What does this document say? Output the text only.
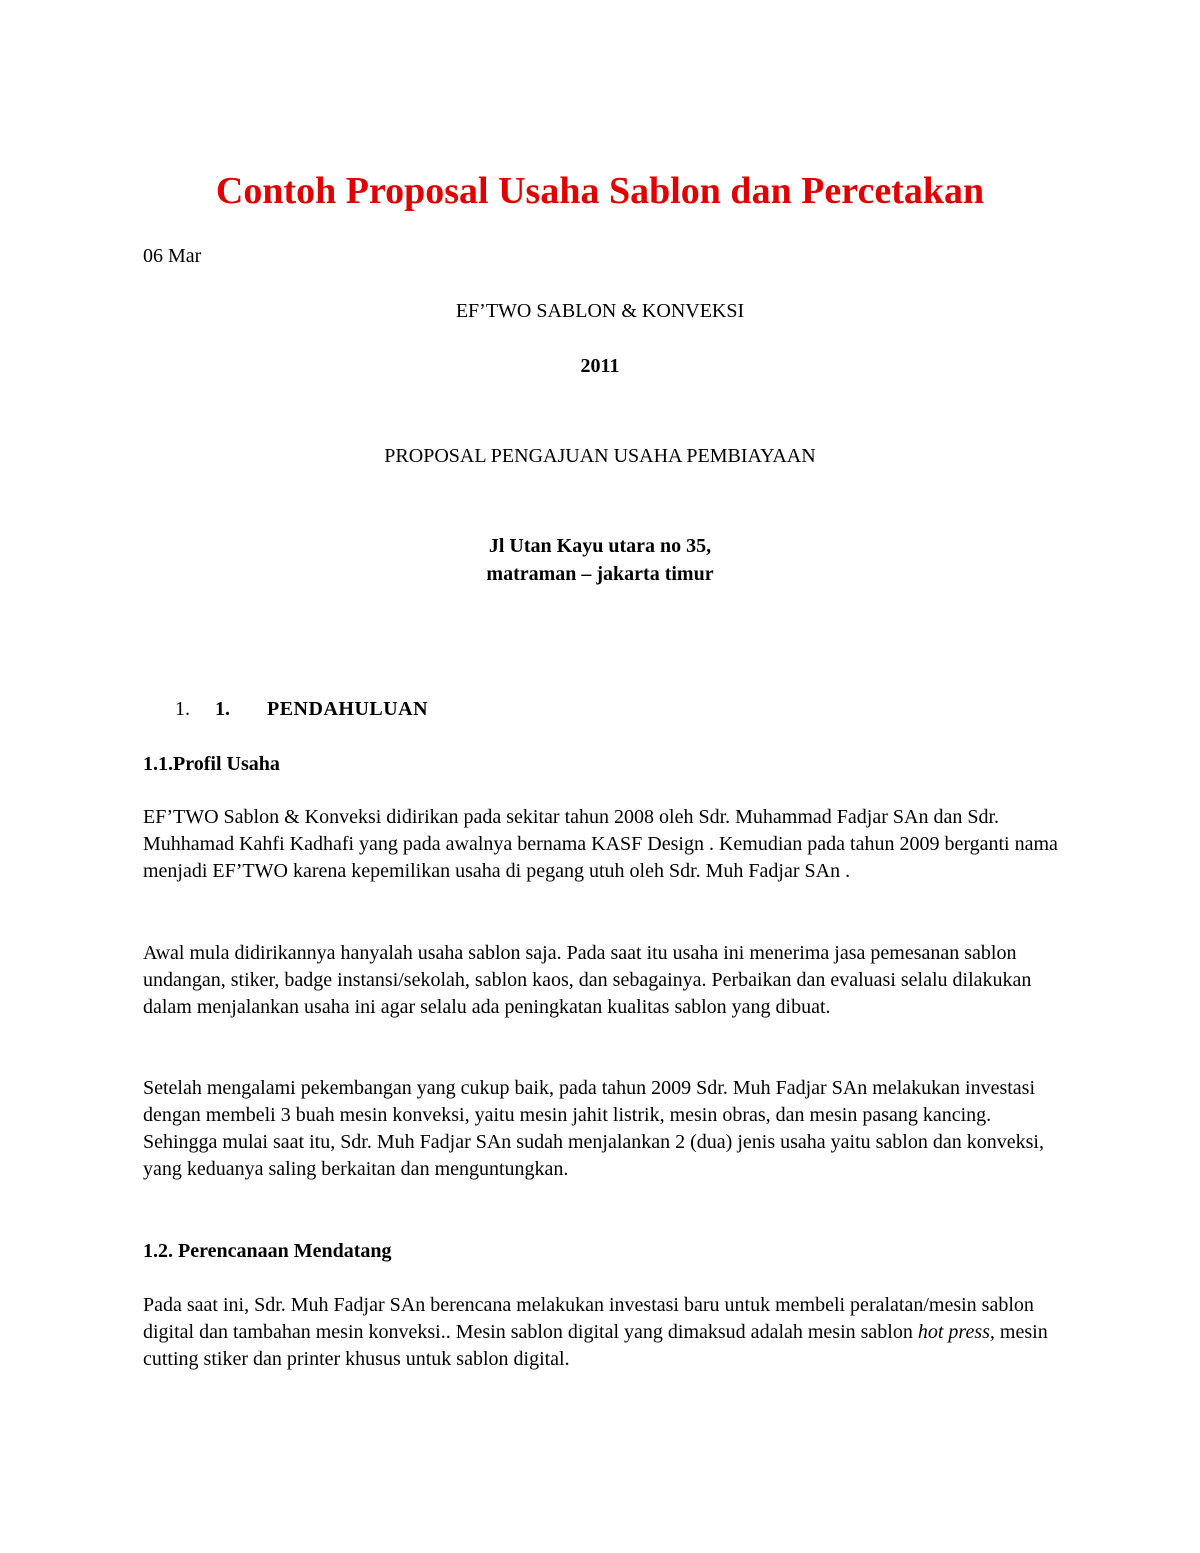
Contoh Proposal Usaha Sablon dan Percetakan
06 Mar
EF’TWO SABLON & KONVEKSI
2011
PROPOSAL PENGAJUAN USAHA PEMBIAYAAN
Jl Utan Kayu utara no 35,
matraman – jakarta timur
1. 1. PENDAHULUAN
1.1.Profil Usaha

EF’TWO Sablon & Konveksi didirikan pada sekitar tahun 2008 oleh Sdr. Muhammad Fadjar SAn dan Sdr. Muhhamad Kahfi Kadhafi yang pada awalnya bernama KASF Design . Kemudian pada tahun 2009 berganti nama menjadi EF’TWO karena kepemilikan usaha di pegang utuh oleh Sdr. Muh Fadjar SAn .

Awal mula didirikannya hanyalah usaha sablon saja. Pada saat itu usaha ini menerima jasa pemesanan sablon undangan, stiker, badge instansi/sekolah, sablon kaos, dan sebagainya. Perbaikan dan evaluasi selalu dilakukan dalam menjalankan usaha ini agar selalu ada peningkatan kualitas sablon yang dibuat.

Setelah mengalami pekembangan yang cukup baik, pada tahun 2009 Sdr. Muh Fadjar SAn melakukan investasi dengan membeli 3 buah mesin konveksi, yaitu mesin jahit listrik, mesin obras, dan mesin pasang kancing. Sehingga mulai saat itu, Sdr. Muh Fadjar SAn sudah menjalankan 2 (dua) jenis usaha yaitu sablon dan konveksi, yang keduanya saling berkaitan dan menguntungkan.

1.2. Perencanaan Mendatang

Pada saat ini, Sdr. Muh Fadjar SAn berencana melakukan investasi baru untuk membeli peralatan/mesin sablon digital dan tambahan mesin konveksi.. Mesin sablon digital yang dimaksud adalah mesin sablon hot press, mesin cutting stiker dan printer khusus untuk sablon digital.
